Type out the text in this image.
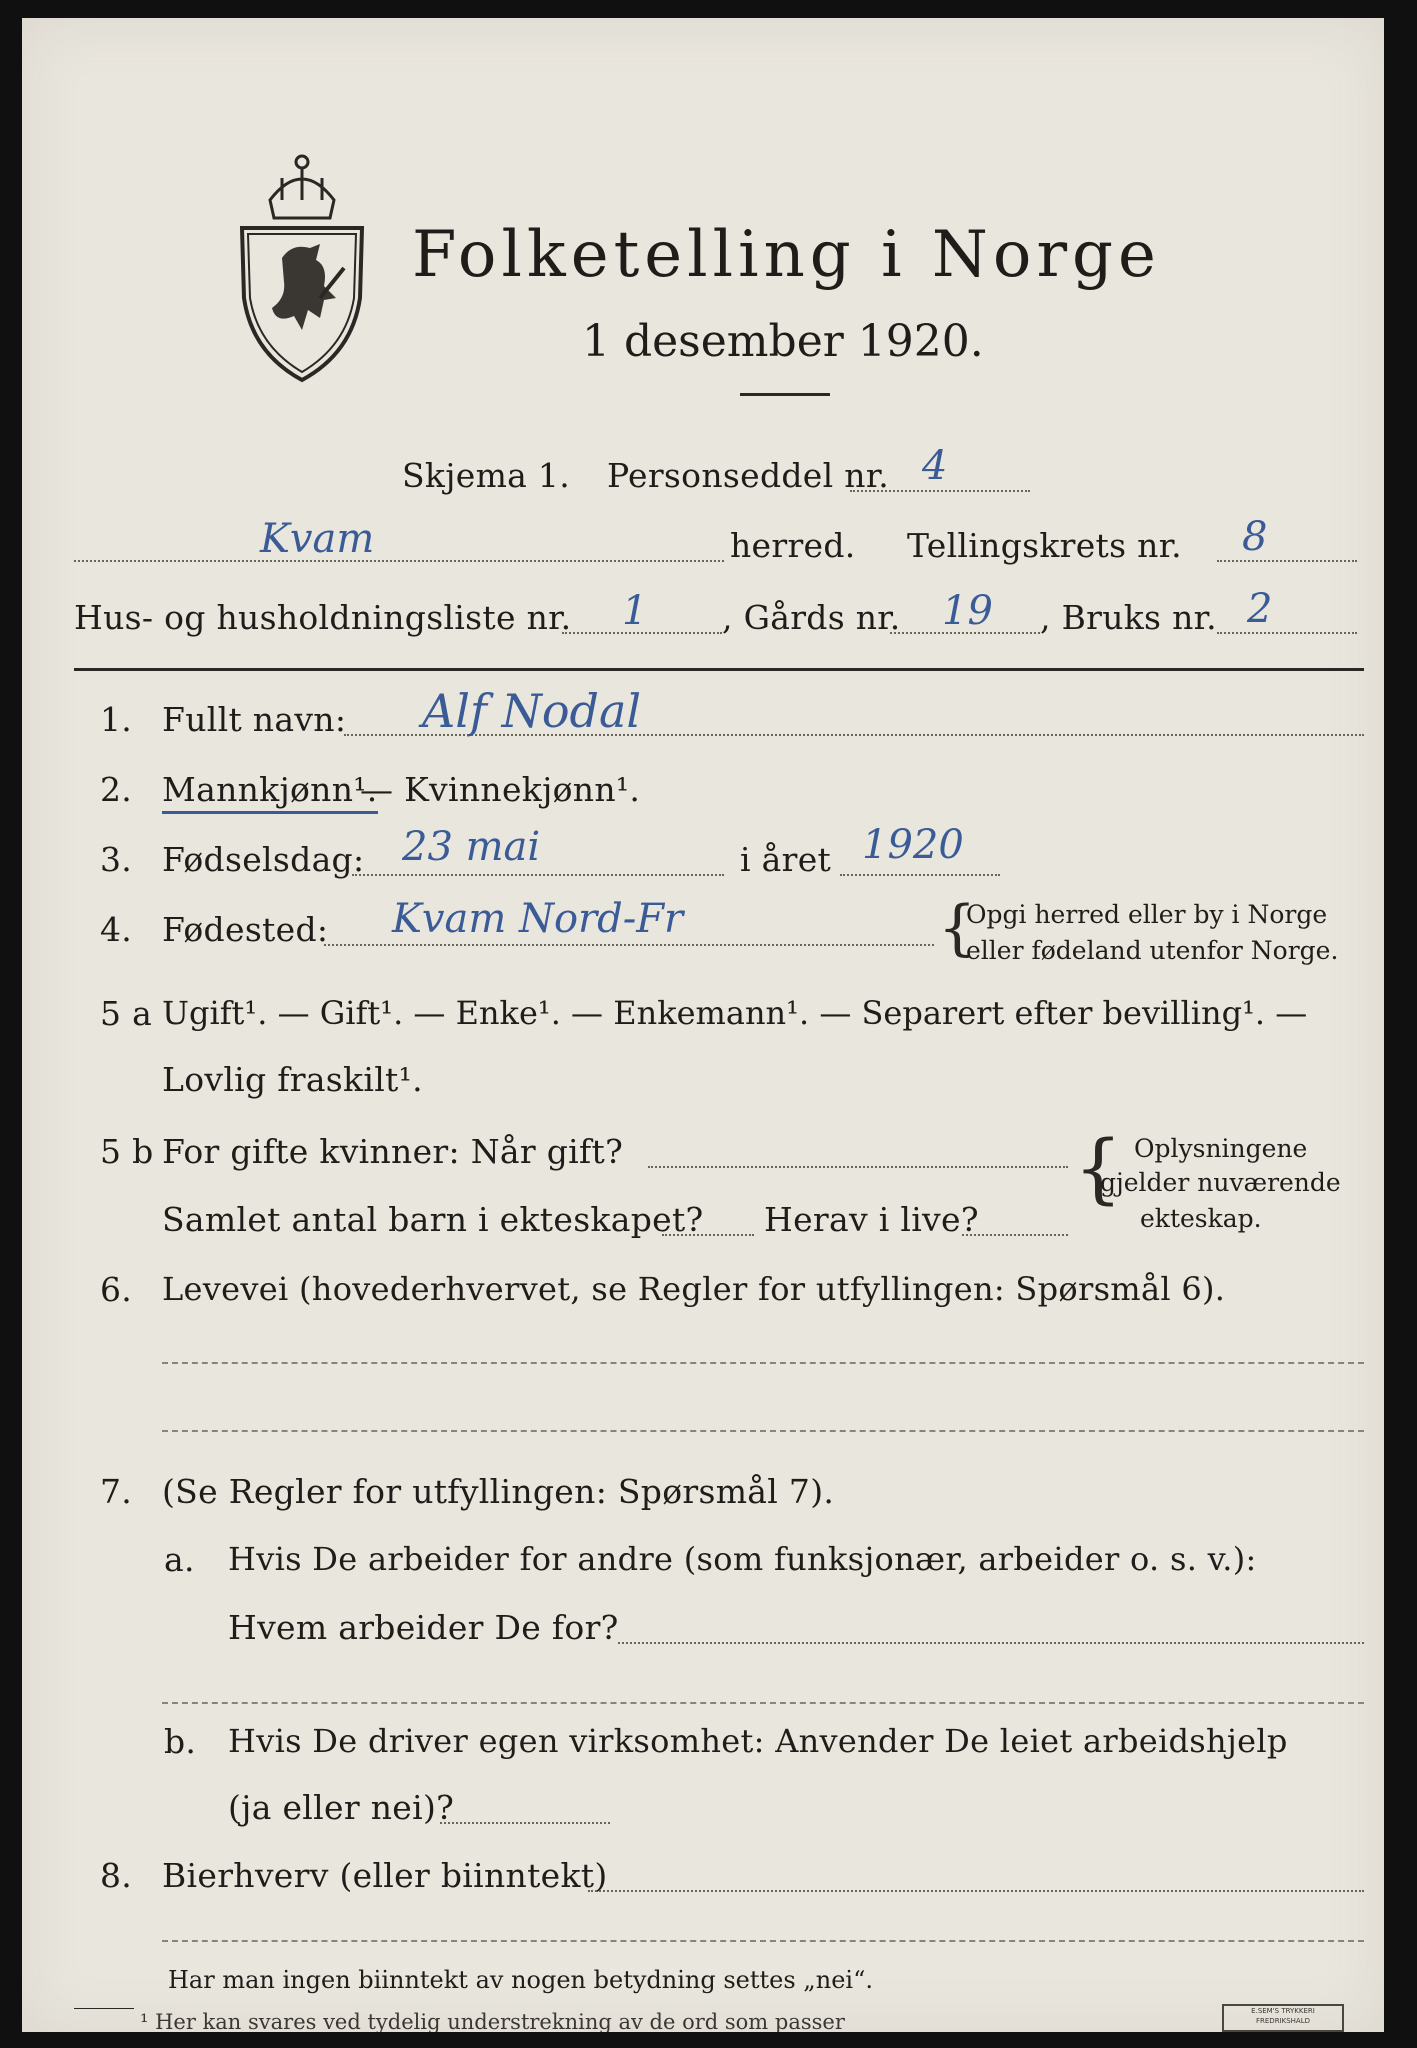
Folketelling i Norge
1 desember 1920.
Skjema 1. Personseddel nr. 4
Kvam	herred. Tellingskrets nr. 8
Hus- og husholdningsliste nr. 1 , Gårds nr. 19 , Bruks nr. 2
1. Fullt navn: Alf Nodal
2. Mannkjønn¹.
— Kvinnekjønn¹.
3. Fødselsdag: 23 mai	i året 1920
4. Fødested: Kvam Nord-Fr	{
Opgi herred eller by i Norge
eller fødeland utenfor Norge.
5 a Ugift¹. — Gift¹. — Enke¹. — Enkemann¹. — Separert efter bevilling¹. —
Lovlig fraskilt¹.
5 b For gifte kvinner: Når gift?
Samlet antal barn i ekteskapet? Herav i live?
{ Oplysningene
gjelder nuværende
ekteskap.
6. Levevei (hovederhvervet, se Regler for utfyllingen: Spørsmål 6).
7. (Se Regler for utfyllingen: Spørsmål 7).
a. Hvis De arbeider for andre (som funksjonær, arbeider o. s. v.):
Hvem arbeider De for?
b. Hvis De driver egen virksomhet: Anvender De leiet arbeidshjelp
(ja eller nei)?
8. Bierhverv (eller biinntekt)
Har man ingen biinntekt av nogen betydning settes „nei“.
¹ Her kan svares ved tydelig understrekning av de ord som passer	E.SEM'S TRYKKERI
FREDRIKSHALD
